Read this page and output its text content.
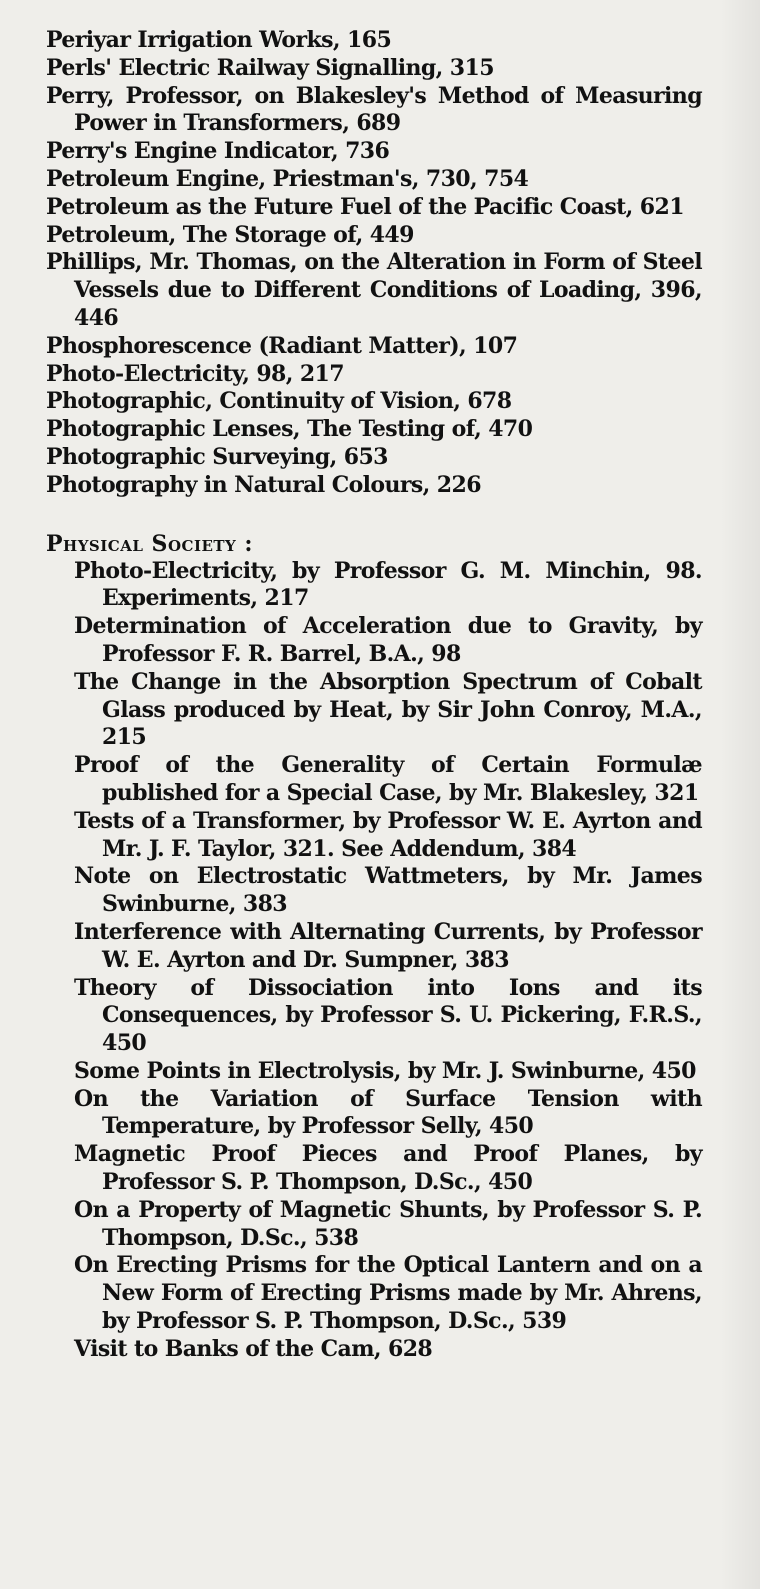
Periyar Irrigation Works, 165
Perls' Electric Railway Signalling, 315
Perry, Professor, on Blakesley's Method of Measuring Power in Transformers, 689
Perry's Engine Indicator, 736
Petroleum Engine, Priestman's, 730, 754
Petroleum as the Future Fuel of the Pacific Coast, 621
Petroleum, The Storage of, 449
Phillips, Mr. Thomas, on the Alteration in Form of Steel Vessels due to Different Conditions of Loading, 396, 446
Phosphorescence (Radiant Matter), 107
Photo-Electricity, 98, 217
Photographic, Continuity of Vision, 678
Photographic Lenses, The Testing of, 470
Photographic Surveying, 653
Photography in Natural Colours, 226
Physical Society :
Photo-Electricity, by Professor G. M. Minchin, 98. Experiments, 217
Determination of Acceleration due to Gravity, by Professor F. R. Barrel, B.A., 98
The Change in the Absorption Spectrum of Cobalt Glass produced by Heat, by Sir John Conroy, M.A., 215
Proof of the Generality of Certain Formulæ published for a Special Case, by Mr. Blakesley, 321
Tests of a Transformer, by Professor W. E. Ayrton and Mr. J. F. Taylor, 321. See Addendum, 384
Note on Electrostatic Wattmeters, by Mr. James Swinburne, 383
Interference with Alternating Currents, by Professor W. E. Ayrton and Dr. Sumpner, 383
Theory of Dissociation into Ions and its Consequences, by Professor S. U. Pickering, F.R.S., 450
Some Points in Electrolysis, by Mr. J. Swinburne, 450
On the Variation of Surface Tension with Temperature, by Professor Selly, 450
Magnetic Proof Pieces and Proof Planes, by Professor S. P. Thompson, D.Sc., 450
On a Property of Magnetic Shunts, by Professor S. P. Thompson, D.Sc., 538
On Erecting Prisms for the Optical Lantern and on a New Form of Erecting Prisms made by Mr. Ahrens, by Professor S. P. Thompson, D.Sc., 539
Visit to Banks of the Cam, 628
